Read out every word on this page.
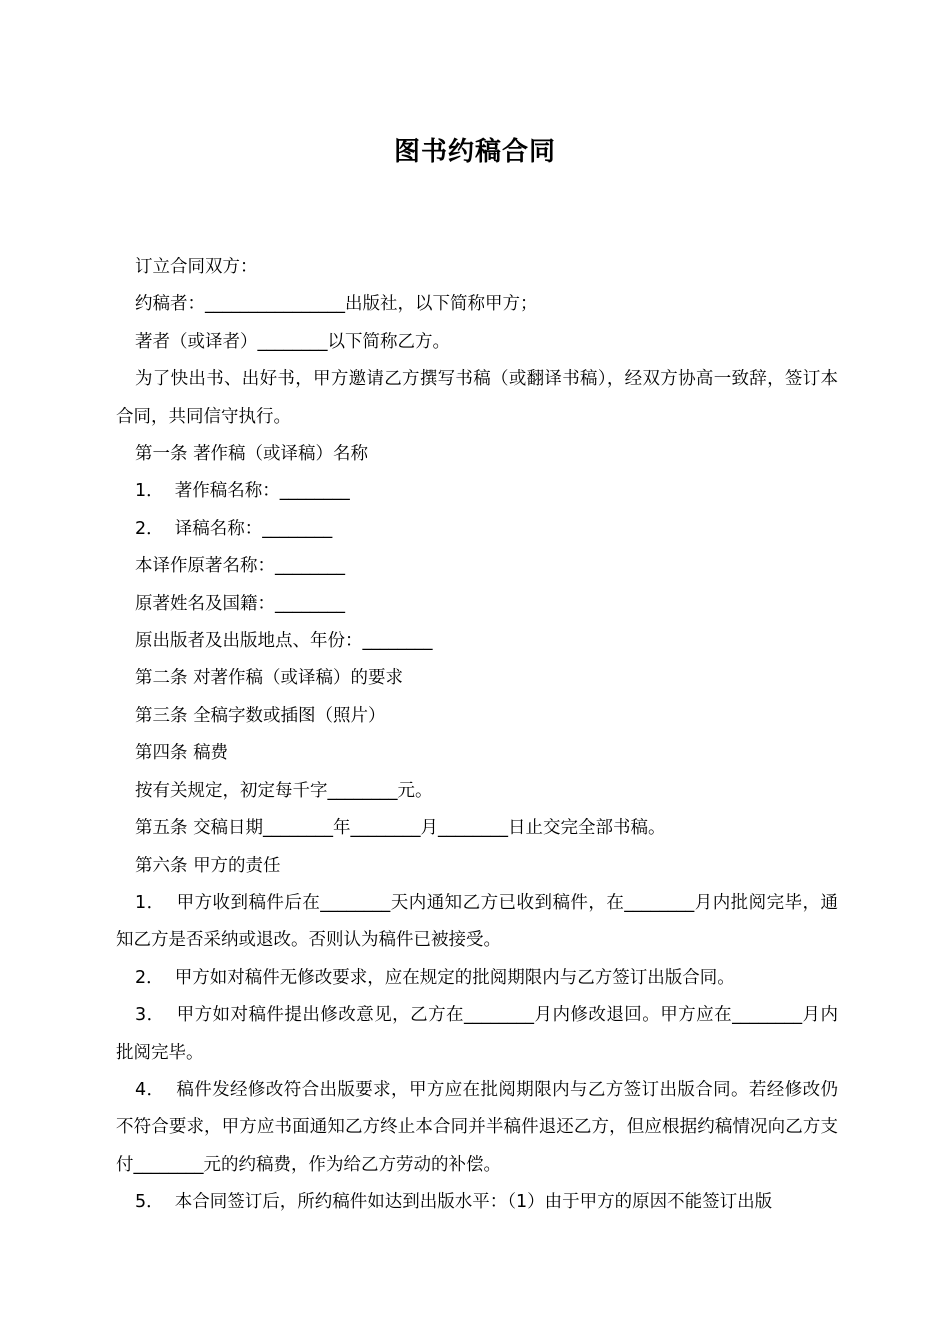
图书约稿合同

订立合同双方：

约稿者：________________出版社，以下简称甲方；

著者（或译者）________以下简称乙方。

为了快出书、出好书，甲方邀请乙方撰写书稿（或翻译书稿），经双方协高一致辞，签订本合同，共同信守执行。

第一条 著作稿（或译稿）名称

1．  著作稿名称：________

2．  译稿名称：________

本译作原著名称：________

原著姓名及国籍：________

原出版者及出版地点、年份：________

第二条 对著作稿（或译稿）的要求

第三条 全稿字数或插图（照片）

第四条 稿费

按有关规定，初定每千字________元。

第五条 交稿日期________年________月________日止交完全部书稿。

第六条 甲方的责任

1．  甲方收到稿件后在________天内通知乙方已收到稿件，在________月内批阅完毕，通知乙方是否采纳或退改。否则认为稿件已被接受。

2．  甲方如对稿件无修改要求，应在规定的批阅期限内与乙方签订出版合同。

3．  甲方如对稿件提出修改意见，乙方在________月内修改退回。甲方应在________月内批阅完毕。

4．  稿件发经修改符合出版要求，甲方应在批阅期限内与乙方签订出版合同。若经修改仍不符合要求，甲方应书面通知乙方终止本合同并半稿件退还乙方，但应根据约稿情况向乙方支付________元的约稿费，作为给乙方劳动的补偿。

5．  本合同签订后，所约稿件如达到出版水平：（1）由于甲方的原因不能签订出版
